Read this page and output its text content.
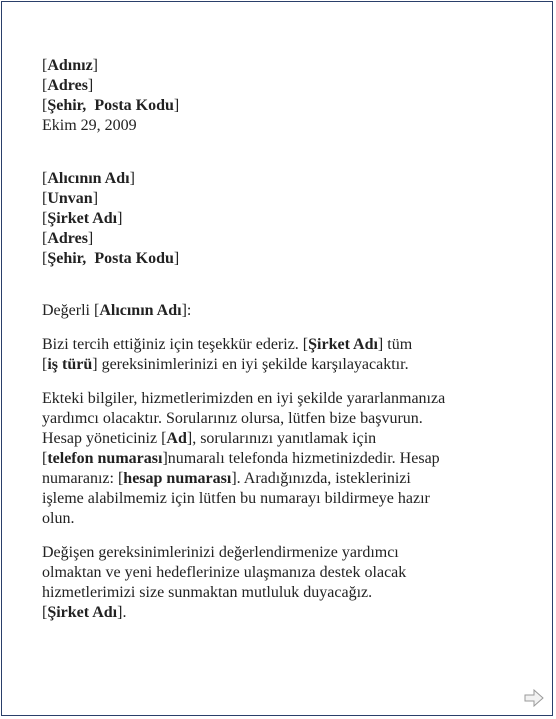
[Adınız]
[Adres]
[Şehir, Posta Kodu]
Ekim 29, 2009
[Alıcının Adı]
[Unvan]
[Şirket Adı]
[Adres]
[Şehir, Posta Kodu]

Değerli [Alıcının Adı]:

Bizi tercih ettiğiniz için teşekkür ederiz. [Şirket Adı] tüm
[iş türü] gereksinimlerinizi en iyi şekilde karşılayacaktır.

Ekteki bilgiler, hizmetlerimizden en iyi şekilde yararlanmanıza
yardımcı olacaktır. Sorularınız olursa, lütfen bize başvurun.
Hesap yöneticiniz [Ad], sorularınızı yanıtlamak için
[telefon numarası]numaralı telefonda hizmetinizdedir. Hesap
numaranız: [hesap numarası]. Aradığınızda, isteklerinizi
işleme alabilmemiz için lütfen bu numarayı bildirmeye hazır
olun.

Değişen gereksinimlerinizi değerlendirmenize yardımcı
olmaktan ve yeni hedeflerinize ulaşmanıza destek olacak
hizmetlerimizi size sunmaktan mutluluk duyacağız.
[Şirket Adı].
